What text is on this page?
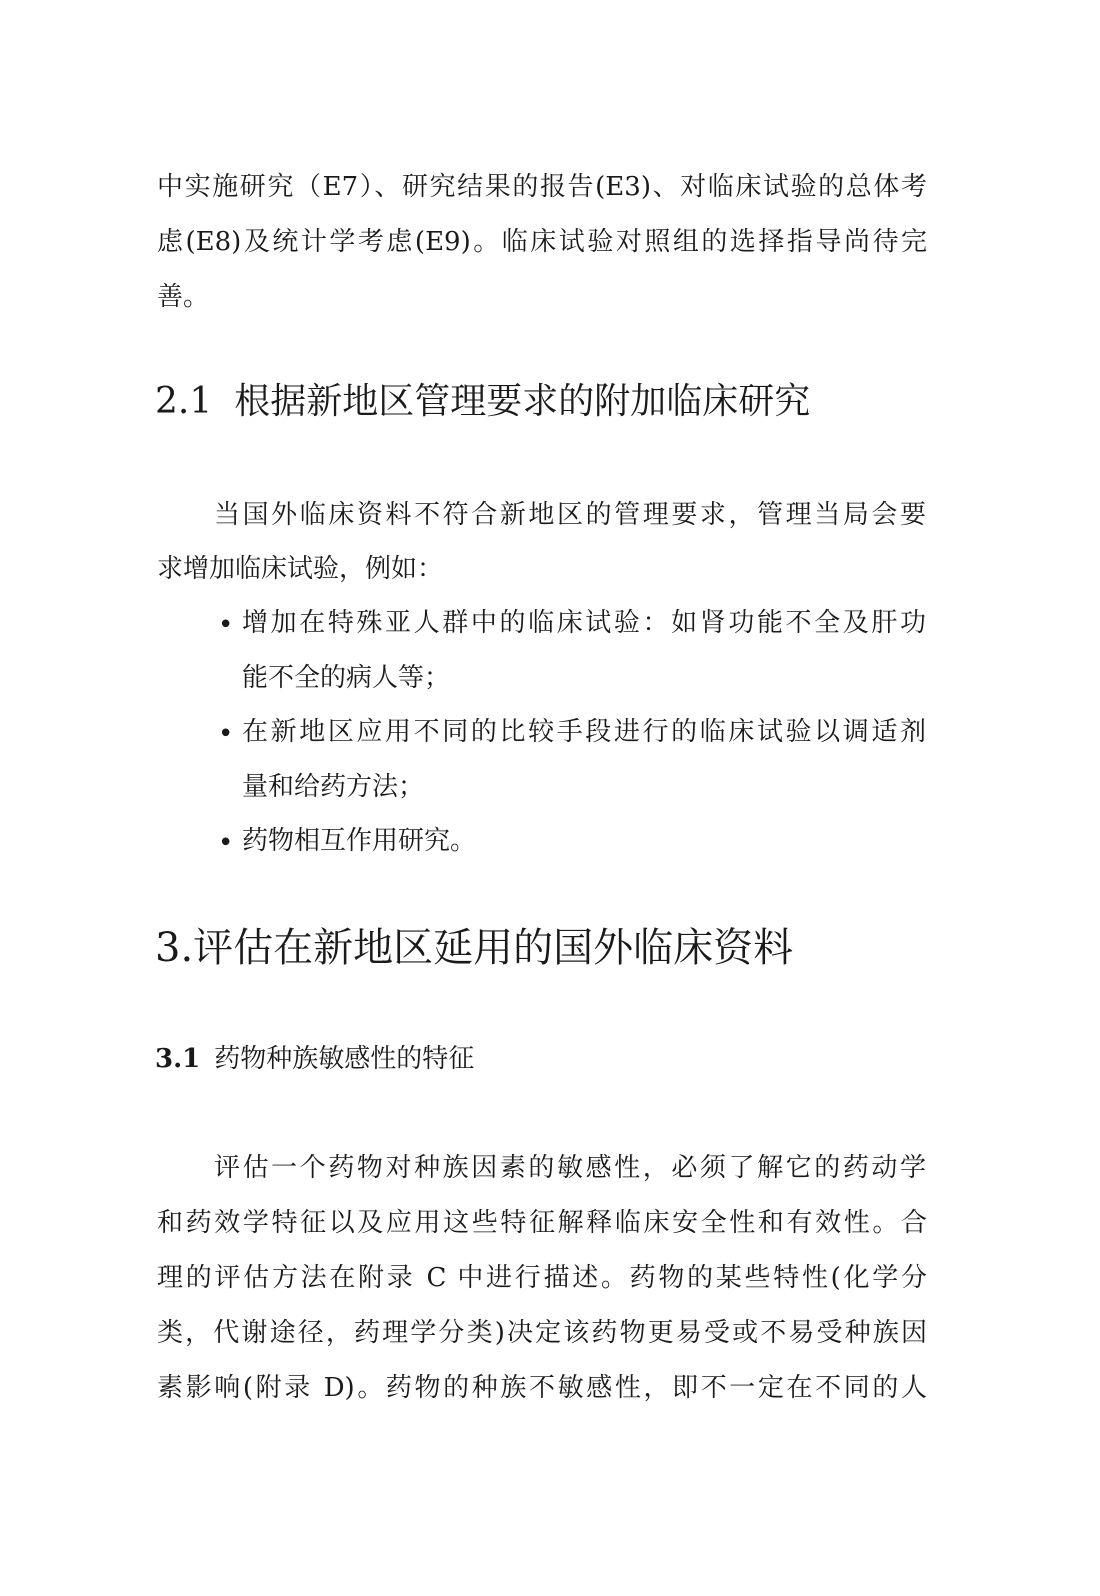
中实施研究（E7）、研究结果的报告(E3)、对临床试验的总体考
虑(E8)及统计学考虑(E9)。临床试验对照组的选择指导尚待完
善。
2.1 根据新地区管理要求的附加临床研究
当国外临床资料不符合新地区的管理要求，管理当局会要
求增加临床试验，例如：
• 增加在特殊亚人群中的临床试验：如肾功能不全及肝功
能不全的病人等；
• 在新地区应用不同的比较手段进行的临床试验以调适剂
量和给药方法；
• 药物相互作用研究。
3.评估在新地区延用的国外临床资料
3.1 药物种族敏感性的特征
评估一个药物对种族因素的敏感性，必须了解它的药动学
和药效学特征以及应用这些特征解释临床安全性和有效性。合
理的评估方法在附录 C 中进行描述。药物的某些特性(化学分
类，代谢途径，药理学分类)决定该药物更易受或不易受种族因
素影响(附录 D)。药物的种族不敏感性，即不一定在不同的人
